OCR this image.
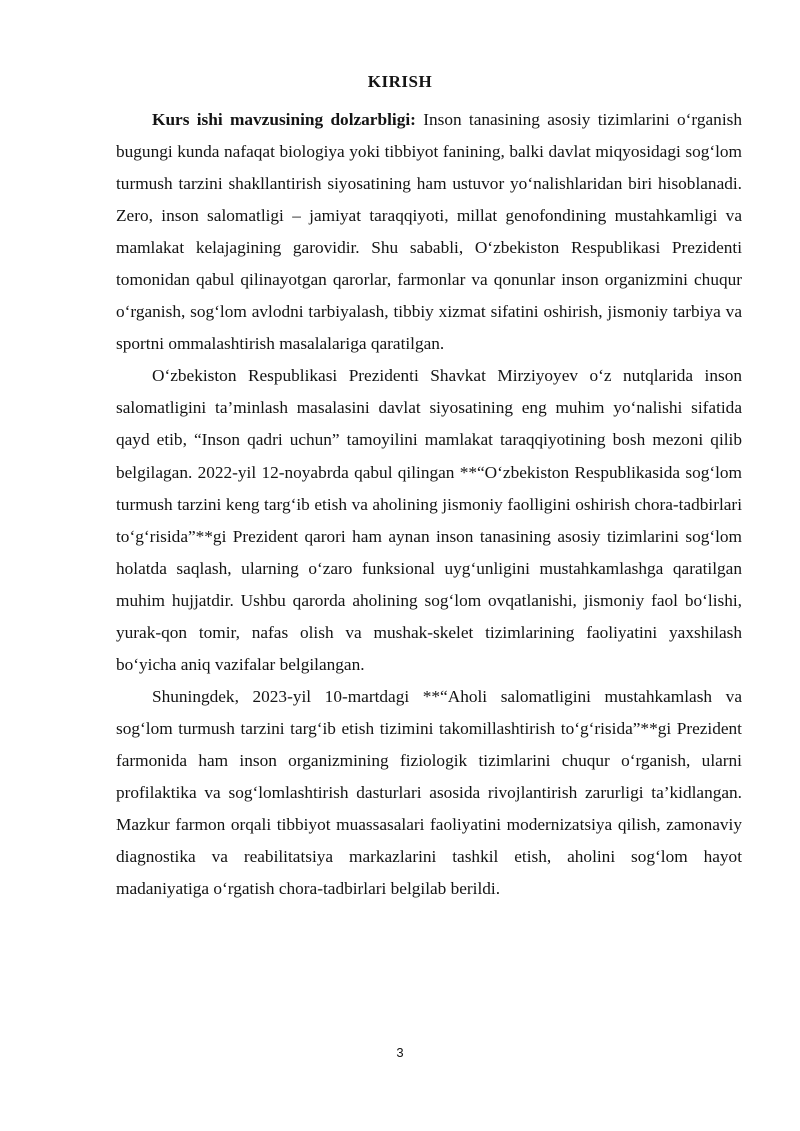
KIRISH

Kurs ishi mavzusining dolzarbligi: Inson tanasining asosiy tizimlarini o‘rganish bugungi kunda nafaqat biologiya yoki tibbiyot fanining, balki davlat miqyosidagi sog‘lom turmush tarzini shakllantirish siyosatining ham ustuvor yo‘nalishlaridan biri hisoblanadi. Zero, inson salomatligi – jamiyat taraqqiyoti, millat genofondining mustahkamligi va mamlakat kelajagining garovidir. Shu sababli, O‘zbekiston Respublikasi Prezidenti tomonidan qabul qilinayotgan qarorlar, farmonlar va qonunlar inson organizmini chuqur o‘rganish, sog‘lom avlodni tarbiyalash, tibbiy xizmat sifatini oshirish, jismoniy tarbiya va sportni ommalashtirish masalalariga qaratilgan.

O‘zbekiston Respublikasi Prezidenti Shavkat Mirziyoyev o‘z nutqlarida inson salomatligini ta’minlash masalasini davlat siyosatining eng muhim yo‘nalishi sifatida qayd etib, “Inson qadri uchun” tamoyilini mamlakat taraqqiyotining bosh mezoni qilib belgilagan. 2022-yil 12-noyabrda qabul qilingan **“O‘zbekiston Respublikasida sog‘lom turmush tarzini keng targ‘ib etish va aholining jismoniy faolligini oshirish chora-tadbirlari to‘g‘risida”**gi Prezident qarori ham aynan inson tanasining asosiy tizimlarini sog‘lom holatda saqlash, ularning o‘zaro funksional uyg‘unligini mustahkamlashga qaratilgan muhim hujjatdir. Ushbu qarorda aholining sog‘lom ovqatlanishi, jismoniy faol bo‘lishi, yurak-qon tomir, nafas olish va mushak-skelet tizimlarining faoliyatini yaxshilash bo‘yicha aniq vazifalar belgilangan.

Shuningdek, 2023-yil 10-martdagi **“Aholi salomatligini mustahkamlash va sog‘lom turmush tarzini targ‘ib etish tizimini takomillashtirish to‘g‘risida”**gi Prezident farmonida ham inson organizmining fiziologik tizimlarini chuqur o‘rganish, ularni profilaktika va sog‘lomlashtirish dasturlari asosida rivojlantirish zarurligi ta’kidlangan. Mazkur farmon orqali tibbiyot muassasalari faoliyatini modernizatsiya qilish, zamonaviy diagnostika va reabilitatsiya markazlarini tashkil etish, aholini sog‘lom hayot madaniyatiga o‘rgatish chora-tadbirlari belgilab berildi.

3
